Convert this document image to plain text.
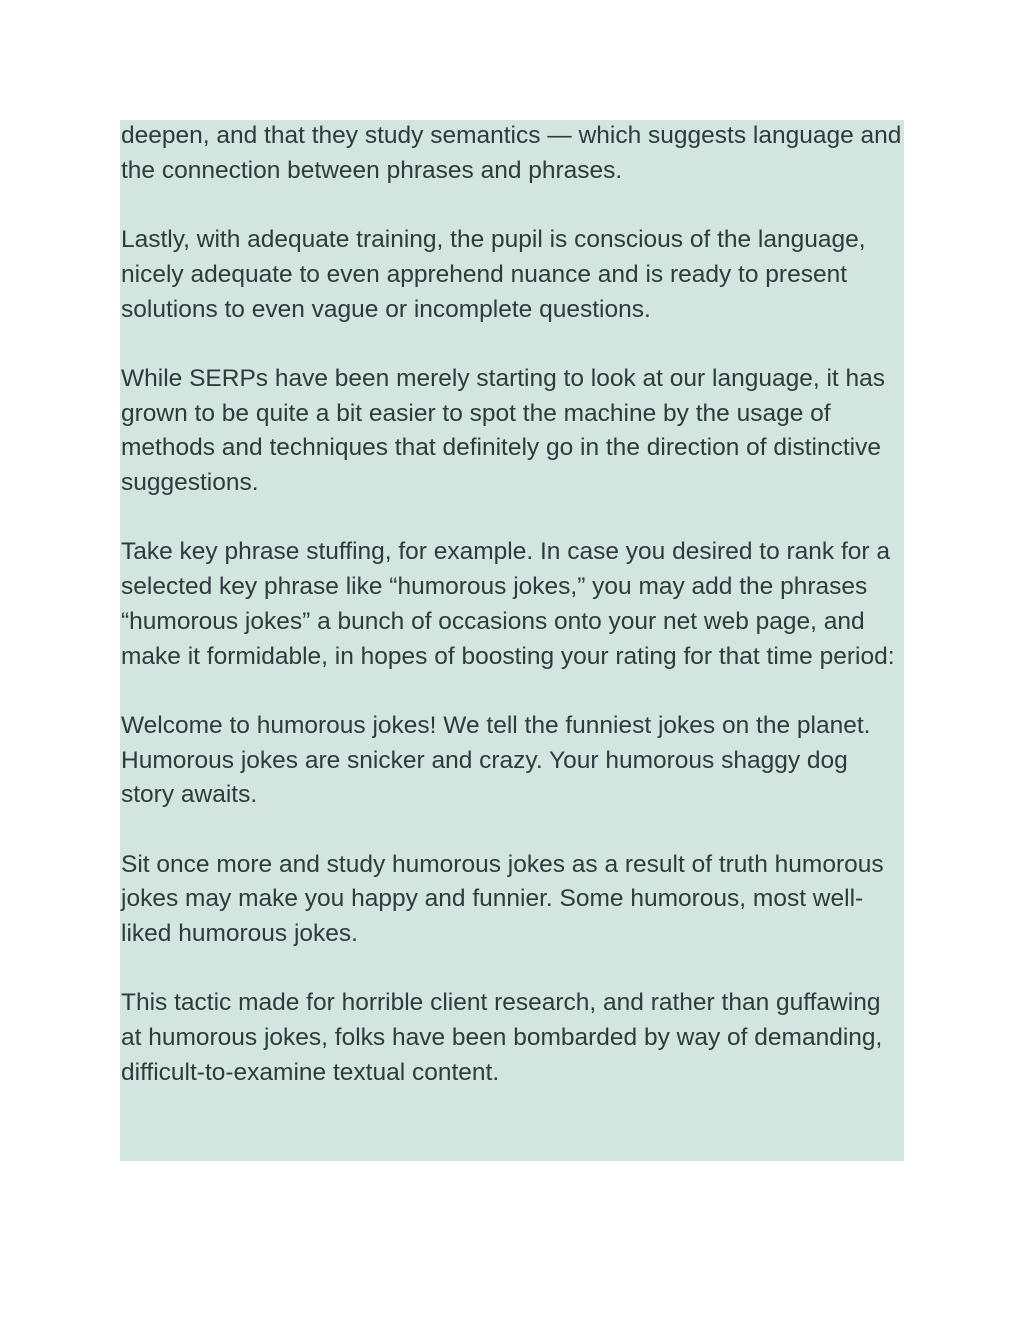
deepen, and that they study semantics — which suggests language and the connection between phrases and phrases.

Lastly, with adequate training, the pupil is conscious of the language, nicely adequate to even apprehend nuance and is ready to present solutions to even vague or incomplete questions.

While SERPs have been merely starting to look at our language, it has grown to be quite a bit easier to spot the machine by the usage of methods and techniques that definitely go in the direction of distinctive suggestions.

Take key phrase stuffing, for example. In case you desired to rank for a selected key phrase like “humorous jokes,” you may add the phrases “humorous jokes” a bunch of occasions onto your net web page, and make it formidable, in hopes of boosting your rating for that time period:

Welcome to humorous jokes! We tell the funniest jokes on the planet. Humorous jokes are snicker and crazy. Your humorous shaggy dog story awaits.

Sit once more and study humorous jokes as a result of truth humorous jokes may make you happy and funnier. Some humorous, most well-liked humorous jokes.

This tactic made for horrible client research, and rather than guffawing at humorous jokes, folks have been bombarded by way of demanding, difficult-to-examine textual content.
